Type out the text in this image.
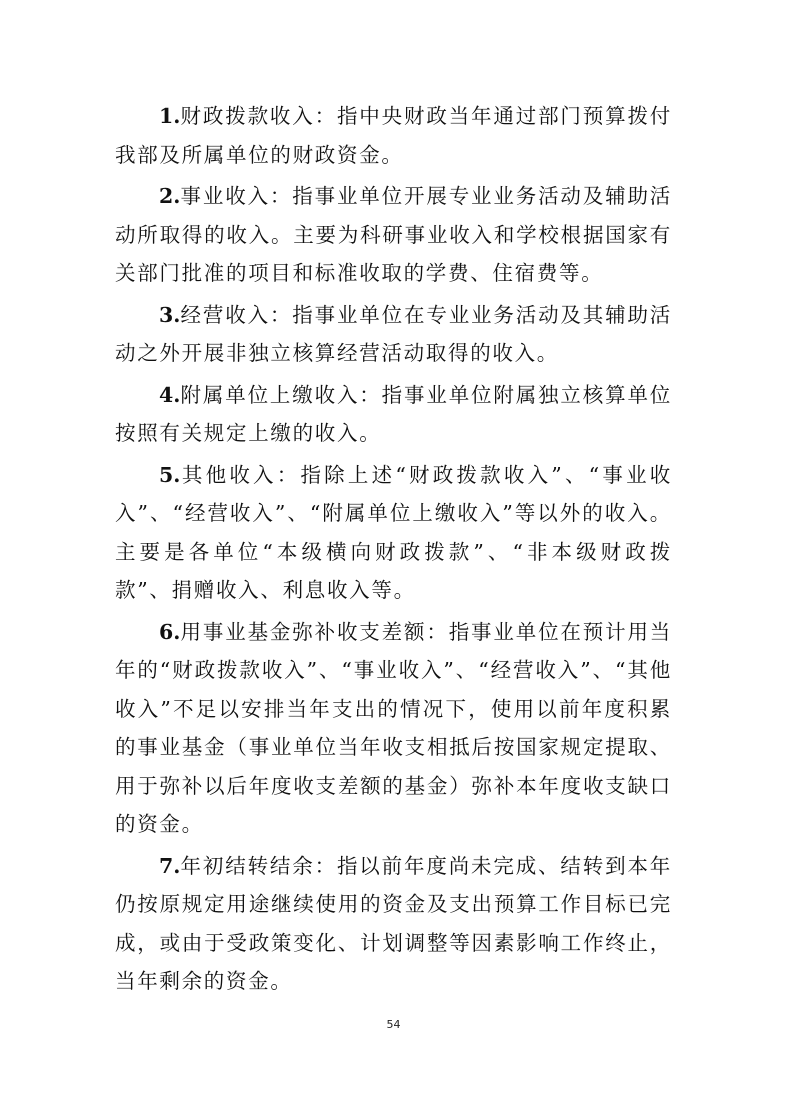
1.财政拨款收入：指中央财政当年通过部门预算拨付我部及所属单位的财政资金。

2.事业收入：指事业单位开展专业业务活动及辅助活动所取得的收入。主要为科研事业收入和学校根据国家有关部门批准的项目和标准收取的学费、住宿费等。

3.经营收入：指事业单位在专业业务活动及其辅助活动之外开展非独立核算经营活动取得的收入。

4.附属单位上缴收入：指事业单位附属独立核算单位按照有关规定上缴的收入。

5.其他收入：指除上述“财政拨款收入”、“事业收入”、“经营收入”、“附属单位上缴收入”等以外的收入。主要是各单位“本级横向财政拨款”、“非本级财政拨款”、捐赠收入、利息收入等。

6.用事业基金弥补收支差额：指事业单位在预计用当年的“财政拨款收入”、“事业收入”、“经营收入”、“其他收入”不足以安排当年支出的情况下，使用以前年度积累的事业基金（事业单位当年收支相抵后按国家规定提取、用于弥补以后年度收支差额的基金）弥补本年度收支缺口的资金。

7.年初结转结余：指以前年度尚未完成、结转到本年仍按原规定用途继续使用的资金及支出预算工作目标已完成，或由于受政策变化、计划调整等因素影响工作终止，当年剩余的资金。

54
